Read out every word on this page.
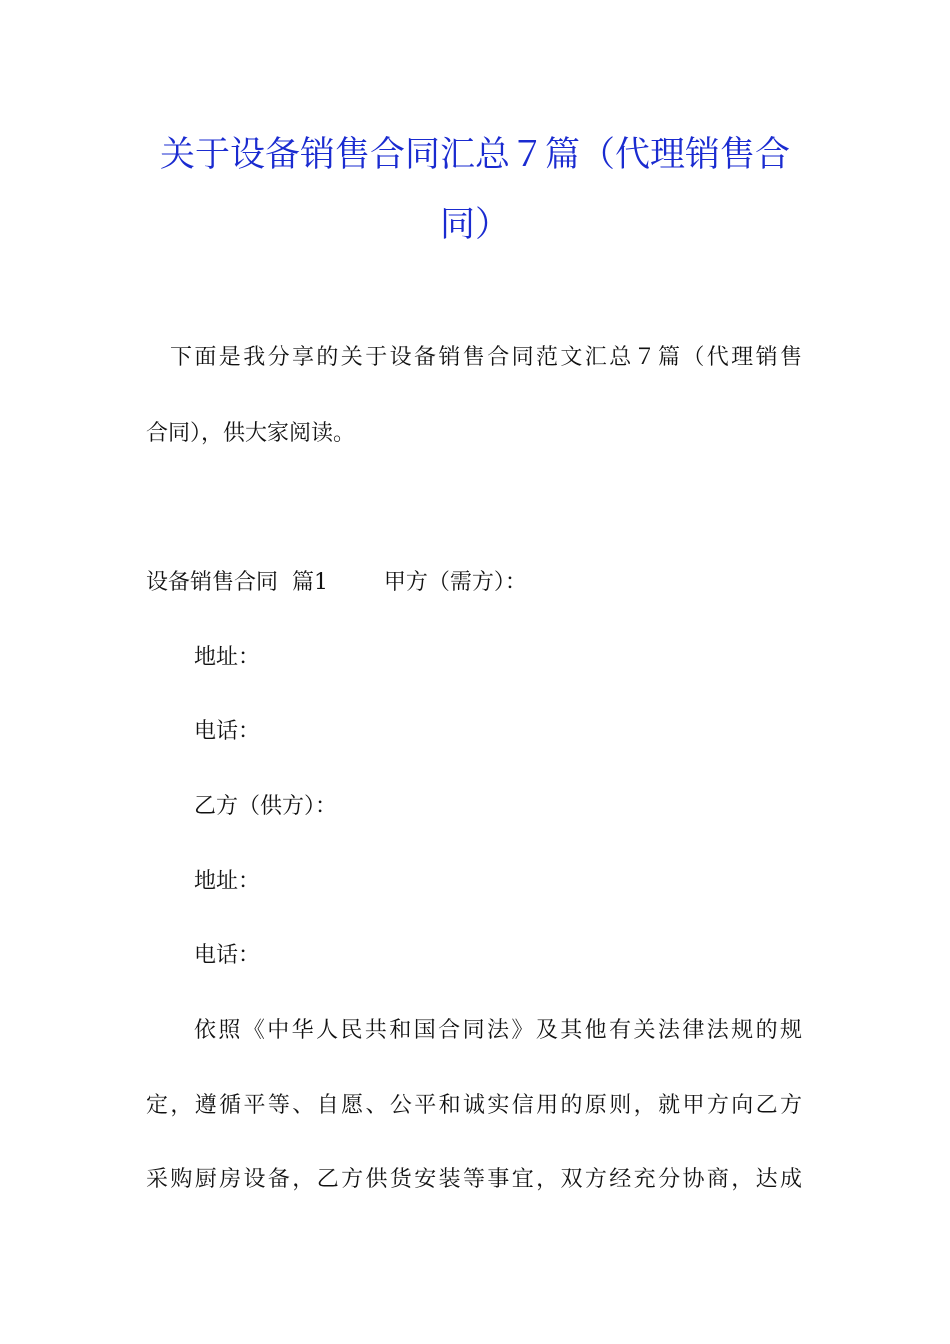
关于设备销售合同汇总７篇（代理销售合
同）
下面是我分享的关于设备销售合同范文汇总７篇（代理销售
合同），供大家阅读。
设备销售合同  篇1        甲方（需方）：
地址：
电话：
乙方（供方）：
地址：
电话：
依照《中华人民共和国合同法》及其他有关法律法规的规
定，遵循平等、自愿、公平和诚实信用的原则，就甲方向乙方
采购厨房设备，乙方供货安装等事宜，双方经充分协商，达成
